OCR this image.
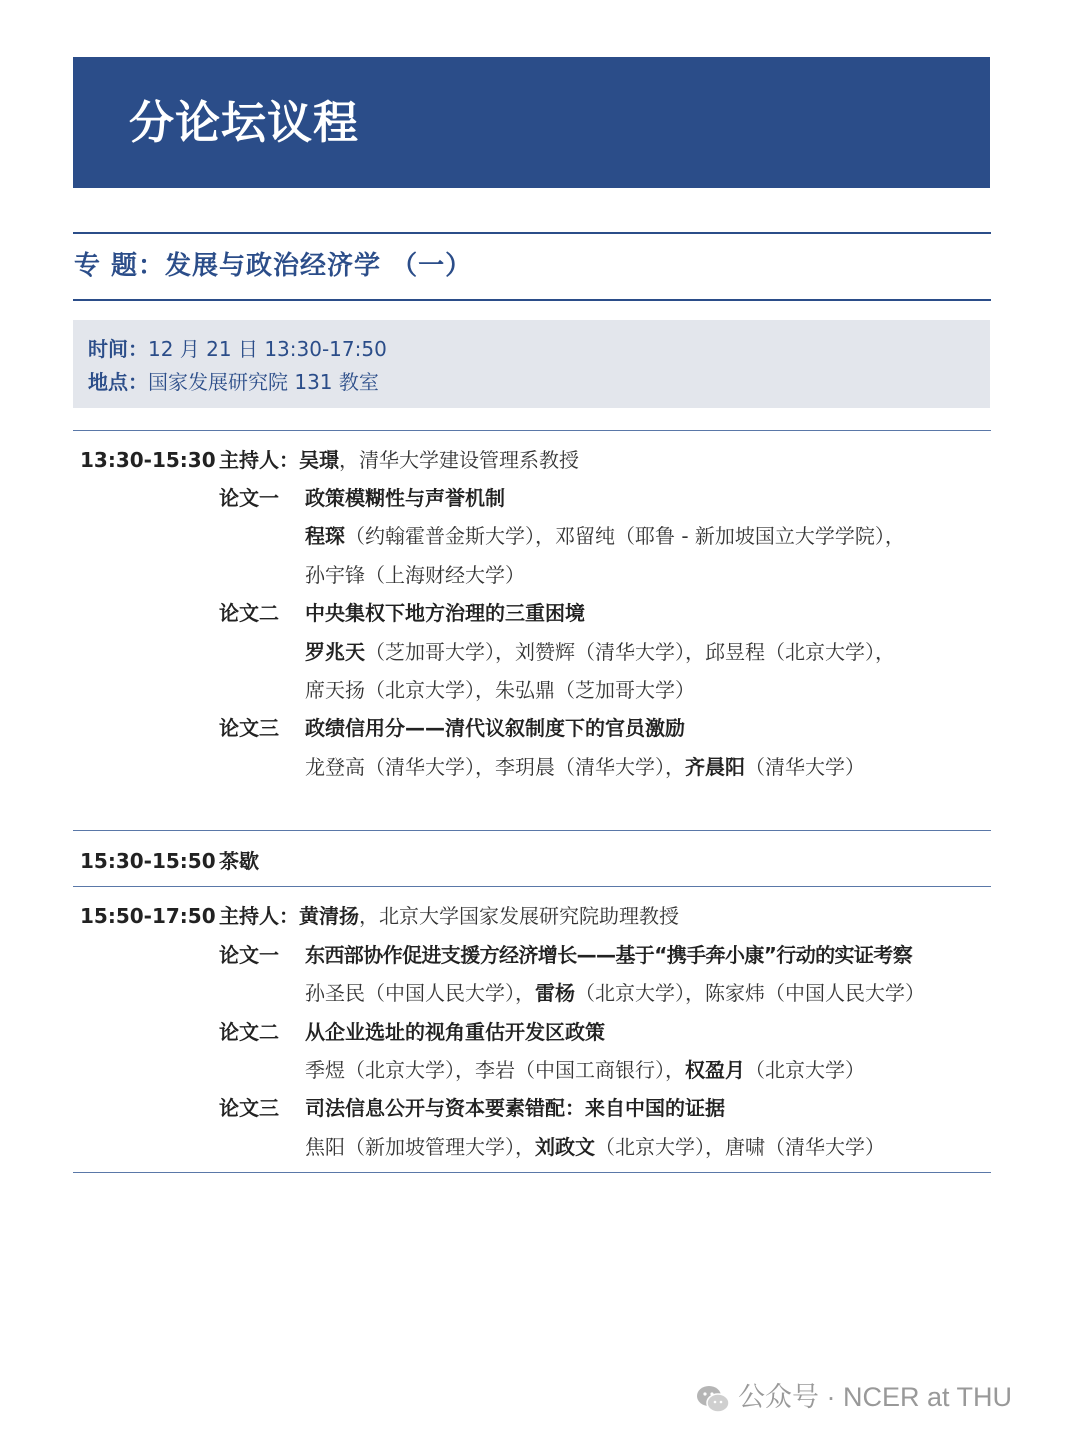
分论坛议程
专 题：发展与政治经济学 （一）
时间：12 月 21 日 13:30-17:50
地点：国家发展研究院 131 教室
13:30-15:30 主持人：吴璟，清华大学建设管理系教授
论文一 政策模糊性与声誉机制
程琛（约翰霍普金斯大学），邓留纯（耶鲁 - 新加坡国立大学学院），
孙宇锋（上海财经大学）
论文二 中央集权下地方治理的三重困境
罗兆天（芝加哥大学），刘赞辉（清华大学），邱昱程（北京大学），
席天扬（北京大学），朱弘鼎（芝加哥大学）
论文三 政绩信用分——清代议叙制度下的官员激励
龙登高（清华大学），李玥晨（清华大学），齐晨阳（清华大学）
15:30-15:50 茶歇
15:50-17:50 主持人：黄清扬，北京大学国家发展研究院助理教授
论文一 东西部协作促进支援方经济增长——基于“携手奔小康”行动的实证考察
孙圣民（中国人民大学），雷杨（北京大学），陈家炜（中国人民大学）
论文二 从企业选址的视角重估开发区政策
季煜（北京大学），李岩（中国工商银行），权盈月（北京大学）
论文三 司法信息公开与资本要素错配：来自中国的证据
焦阳（新加坡管理大学），刘政文（北京大学），唐啸（清华大学）
公众号 · NCER at THU
